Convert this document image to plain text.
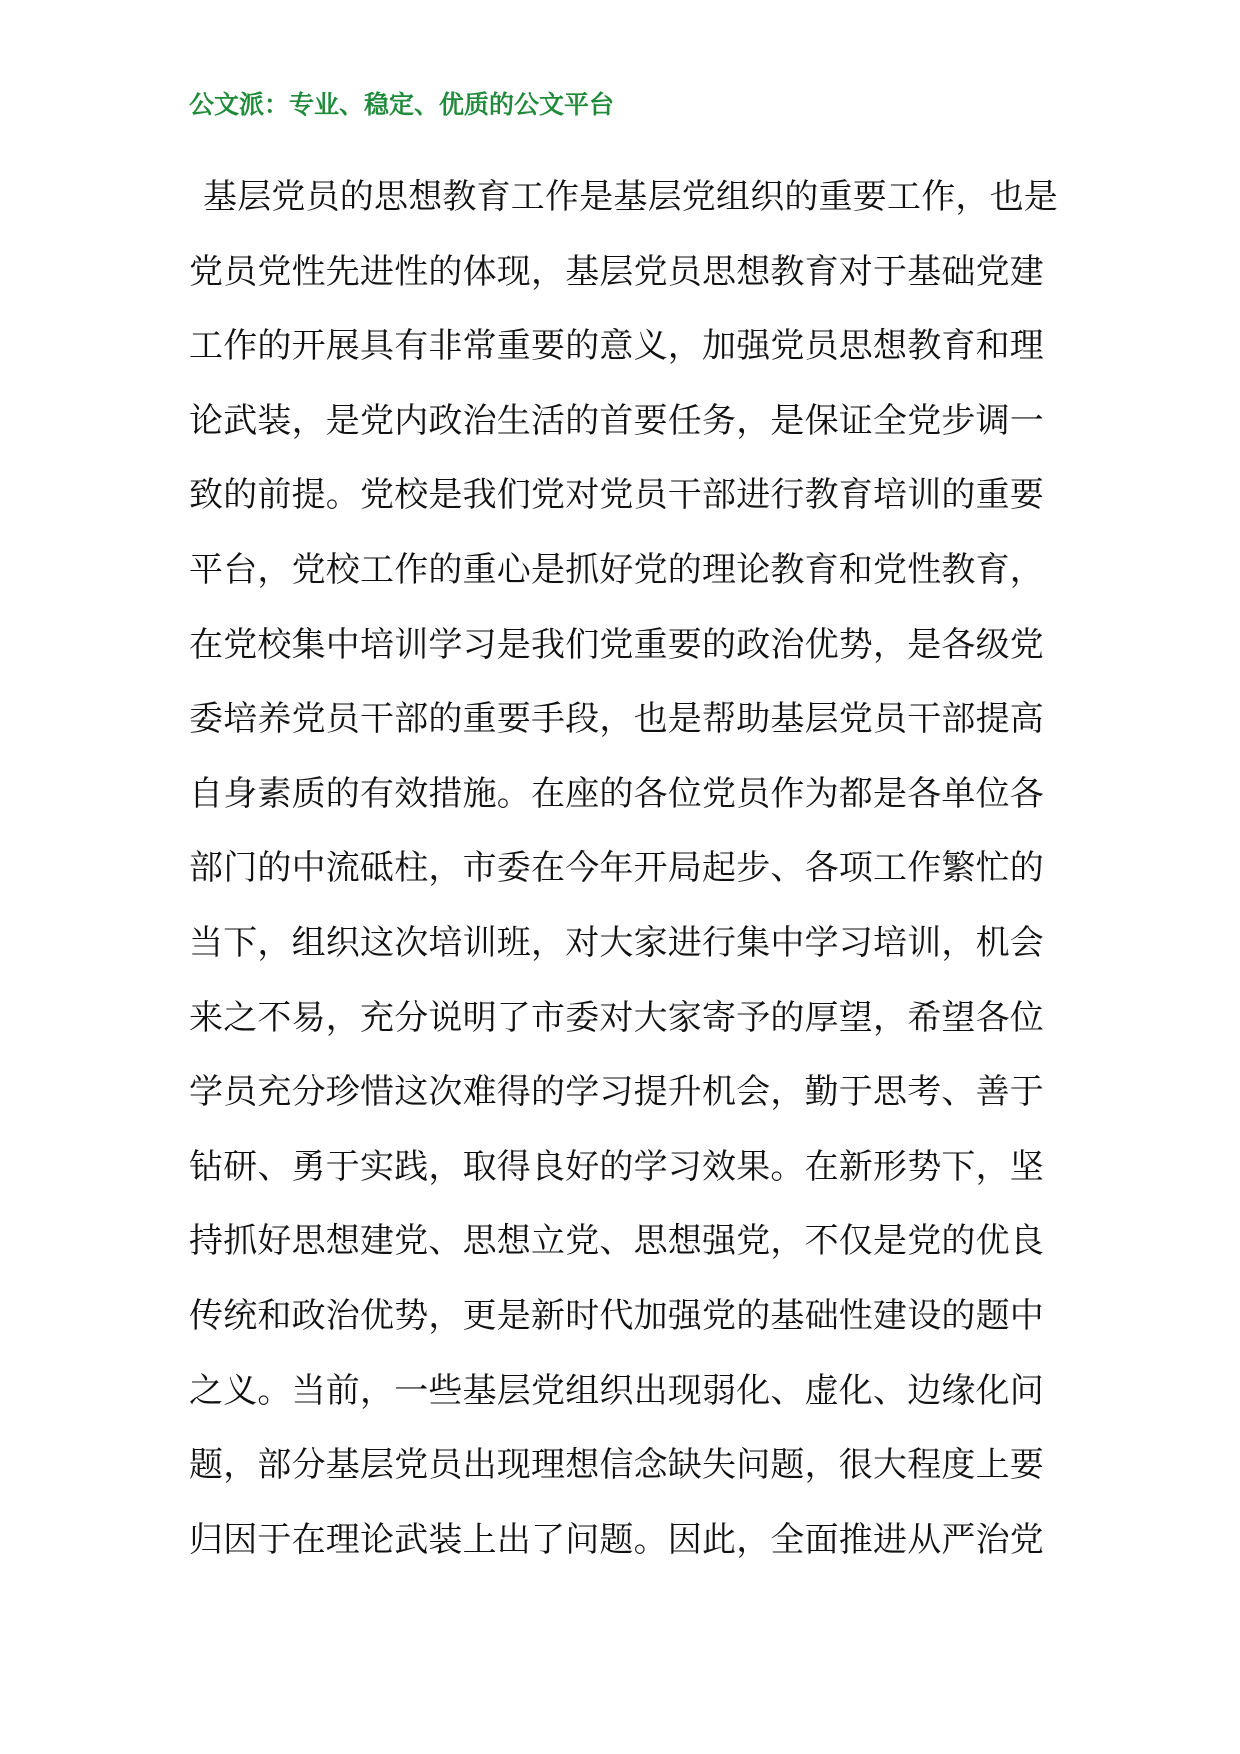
公文派：专业、稳定、优质的公文平台
基层党员的思想教育工作是基层党组织的重要工作，也是
党员党性先进性的体现，基层党员思想教育对于基础党建
工作的开展具有非常重要的意义，加强党员思想教育和理
论武装，是党内政治生活的首要任务，是保证全党步调一
致的前提。党校是我们党对党员干部进行教育培训的重要
平台，党校工作的重心是抓好党的理论教育和党性教育，
在党校集中培训学习是我们党重要的政治优势，是各级党
委培养党员干部的重要手段，也是帮助基层党员干部提高
自身素质的有效措施。在座的各位党员作为都是各单位各
部门的中流砥柱，市委在今年开局起步、各项工作繁忙的
当下，组织这次培训班，对大家进行集中学习培训，机会
来之不易，充分说明了市委对大家寄予的厚望，希望各位
学员充分珍惜这次难得的学习提升机会，勤于思考、善于
钻研、勇于实践，取得良好的学习效果。在新形势下，坚
持抓好思想建党、思想立党、思想强党，不仅是党的优良
传统和政治优势，更是新时代加强党的基础性建设的题中
之义。当前，一些基层党组织出现弱化、虚化、边缘化问
题，部分基层党员出现理想信念缺失问题，很大程度上要
归因于在理论武装上出了问题。因此，全面推进从严治党
